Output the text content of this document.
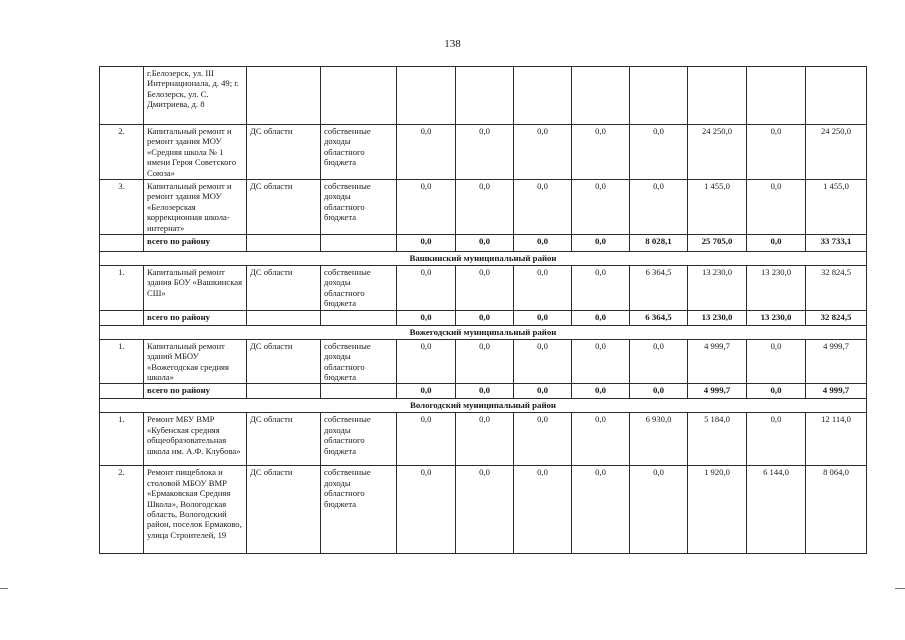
138
	г.Белозерск, ул. III Интернационала, д. 49; г. Белозерск, ул. С. Дмитриева, д. 8										
2.	Капитальный ремонт и ремонт здания МОУ «Средняя школа № 1 имени Героя Советского Союза»	ДС области	собственные доходы областного бюджета	0,0	0,0	0,0	0,0	0,0	24 250,0	0,0	24 250,0
3.	Капитальный ремонт и ремонт здания МОУ «Белозерская коррекционная школа-интернат»	ДС области	собственные доходы областного бюджета	0,0	0,0	0,0	0,0	0,0	1 455,0	0,0	1 455,0
	всего по району			0,0	0,0	0,0	0,0	8 028,1	25 705,0	0,0	33 733,1
Вашкинский муниципальный район											
1.	Капитальный ремонт здания БОУ «Вашкинская СШ»	ДС области	собственные доходы областного бюджета	0,0	0,0	0,0	0,0	6 364,5	13 230,0	13 230,0	32 824,5
	всего по району			0,0	0,0	0,0	0,0	6 364,5	13 230,0	13 230,0	32 824,5
Вожегодский муниципальный район											
1.	Капитальный ремонт зданий МБОУ «Вожегодская средняя школа»	ДС области	собственные доходы областного бюджета	0,0	0,0	0,0	0,0	0,0	4 999,7	0,0	4 999,7
	всего по району			0,0	0,0	0,0	0,0	0,0	4 999,7	0,0	4 999,7
Вологодский муниципальный район											
1.	Ремонт МБУ ВМР «Кубенская средняя общеобразовательная школа им. А.Ф. Клубова»	ДС области	собственные доходы областного бюджета	0,0	0,0	0,0	0,0	6 930,0	5 184,0	0,0	12 114,0
2.	Ремонт пищеблока и столовой МБОУ ВМР «Ермаковская Средняя Школа», Вологодская область, Вологодский район, поселок Ермаково, улица Строителей, 19	ДС области	собственные доходы областного бюджета	0,0	0,0	0,0	0,0	0,0	1 920,0	6 144,0	8 064,0
